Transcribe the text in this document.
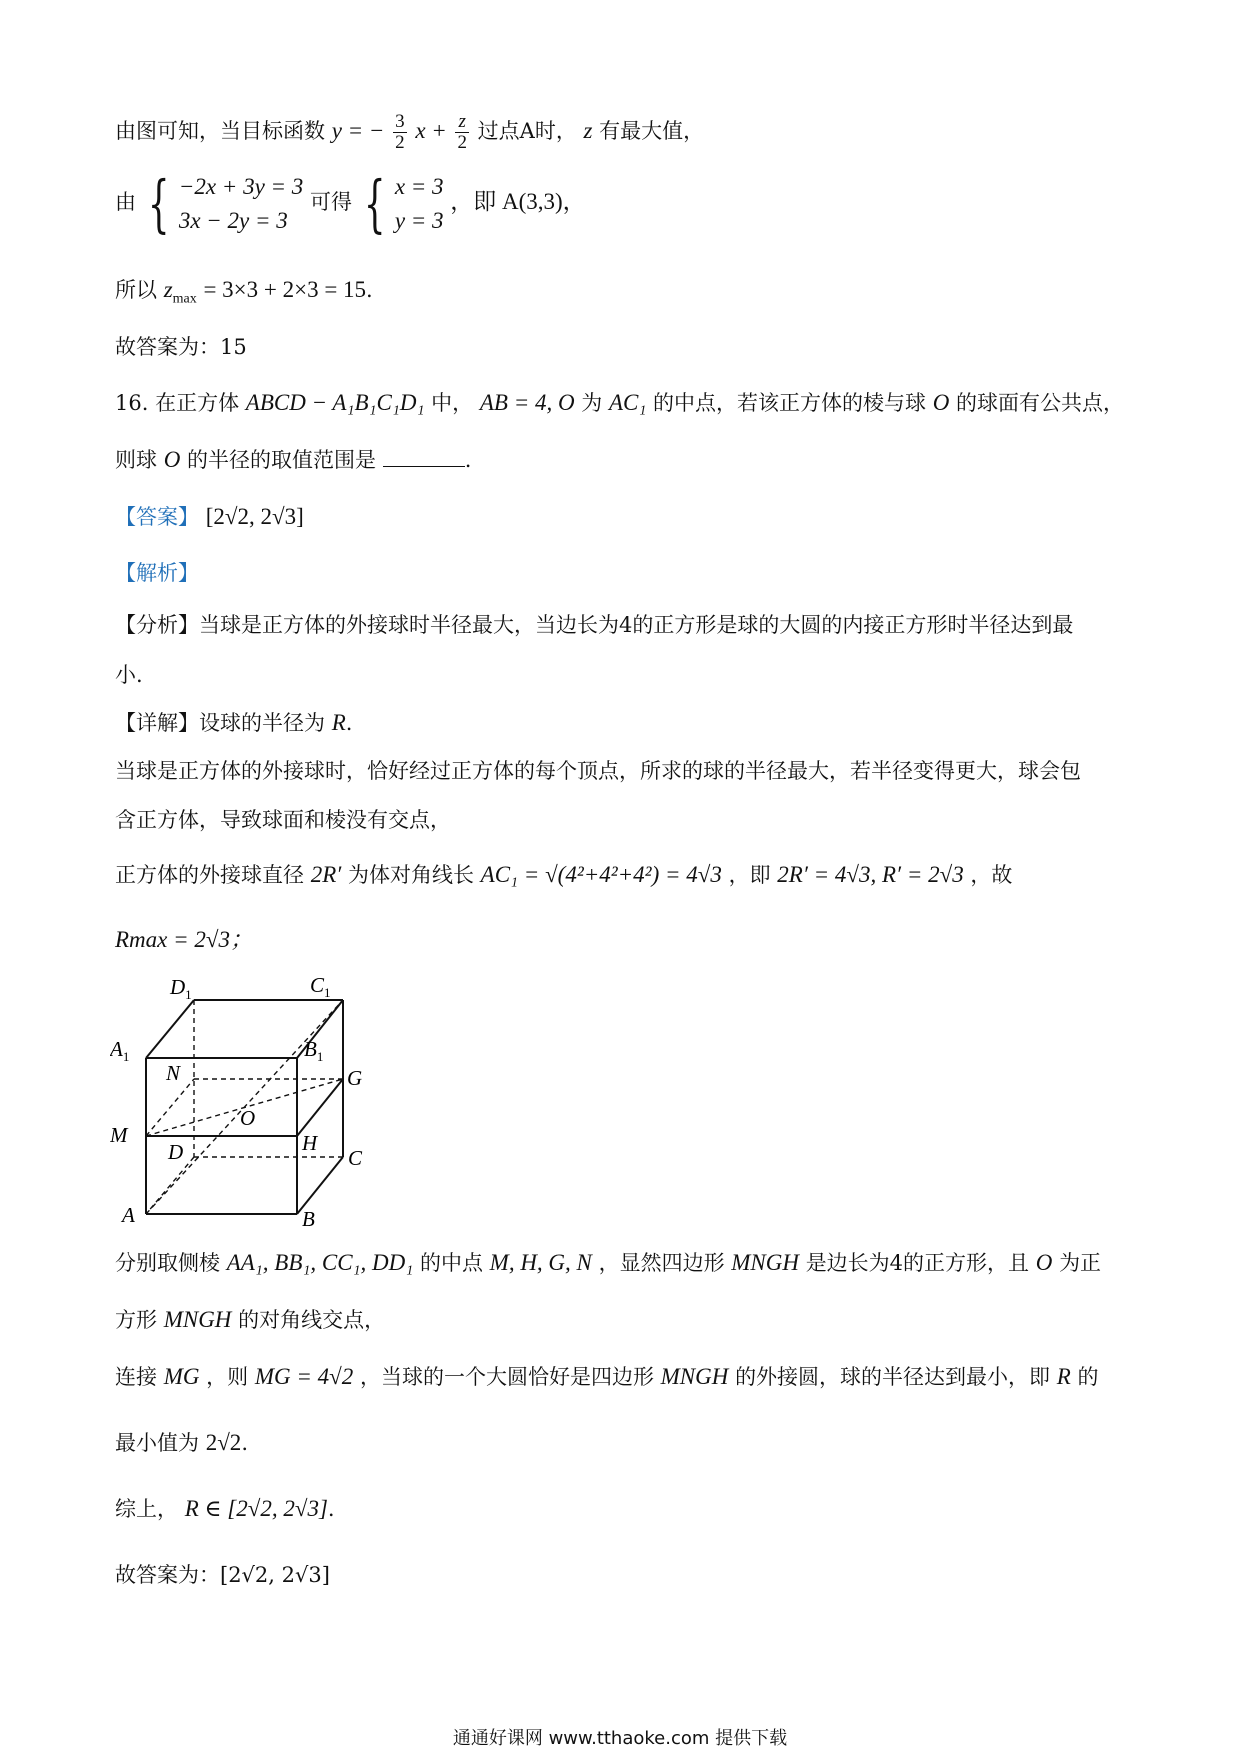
由图可知，当目标函数 y = − $\frac{3}{2}$ $x + \frac{z}{2}$ 过点A时， z 有最大值，
由 { −2x + 3y = 3
3x − 2y = 3
可得 { x = 3
y = 3
，即 A(3,3)，
所以 $z_{max} = 3\times 3 + 2\times 3 = 15$.
故答案为：15
16. 在正方体 ABCD − A₁B₁C₁D₁ 中， AB = 4, O 为 AC₁ 的中点，若该正方体的棱与球 O 的球面有公共点，
则球 O 的半径的取值范围是	.
【答案】 [2√2, 2√3]
【解析】
【分析】当球是正方体的外接球时半径最大，当边长为4的正方形是球的大圆的内接正方形时半径达到最
小.
【详解】设球的半径为 R.
当球是正方体的外接球时，恰好经过正方体的每个顶点，所求的球的半径最大，若半径变得更大，球会包
含正方体，导致球面和棱没有交点，
正方体的外接球直径 2R′ 为体对角线长 AC₁ = √(4²+4²+4²) = 4√3 ，即 2R′ = 4√3, R′ = 2√3 ，故
Rmax = 2√3；
$D_1$	$C_1$
$A_1$	$B_1$
N	G
M
O
D	H
C
A	B
分别取侧棱 AA₁, BB₁, CC₁, DD₁ 的中点 M, H, G, N ，显然四边形 MNGH 是边长为4的正方形，且 O 为正
方形 MNGH 的对角线交点，
连接 MG ，则 MG = 4√2 ，当球的一个大圆恰好是四边形 MNGH 的外接圆，球的半径达到最小，即 R 的
最小值为 2√2.
综上， R ∈ [2√2, 2√3].
故答案为：[2√2, 2√3]
通通好课网 www.tthaoke.com 提供下载
